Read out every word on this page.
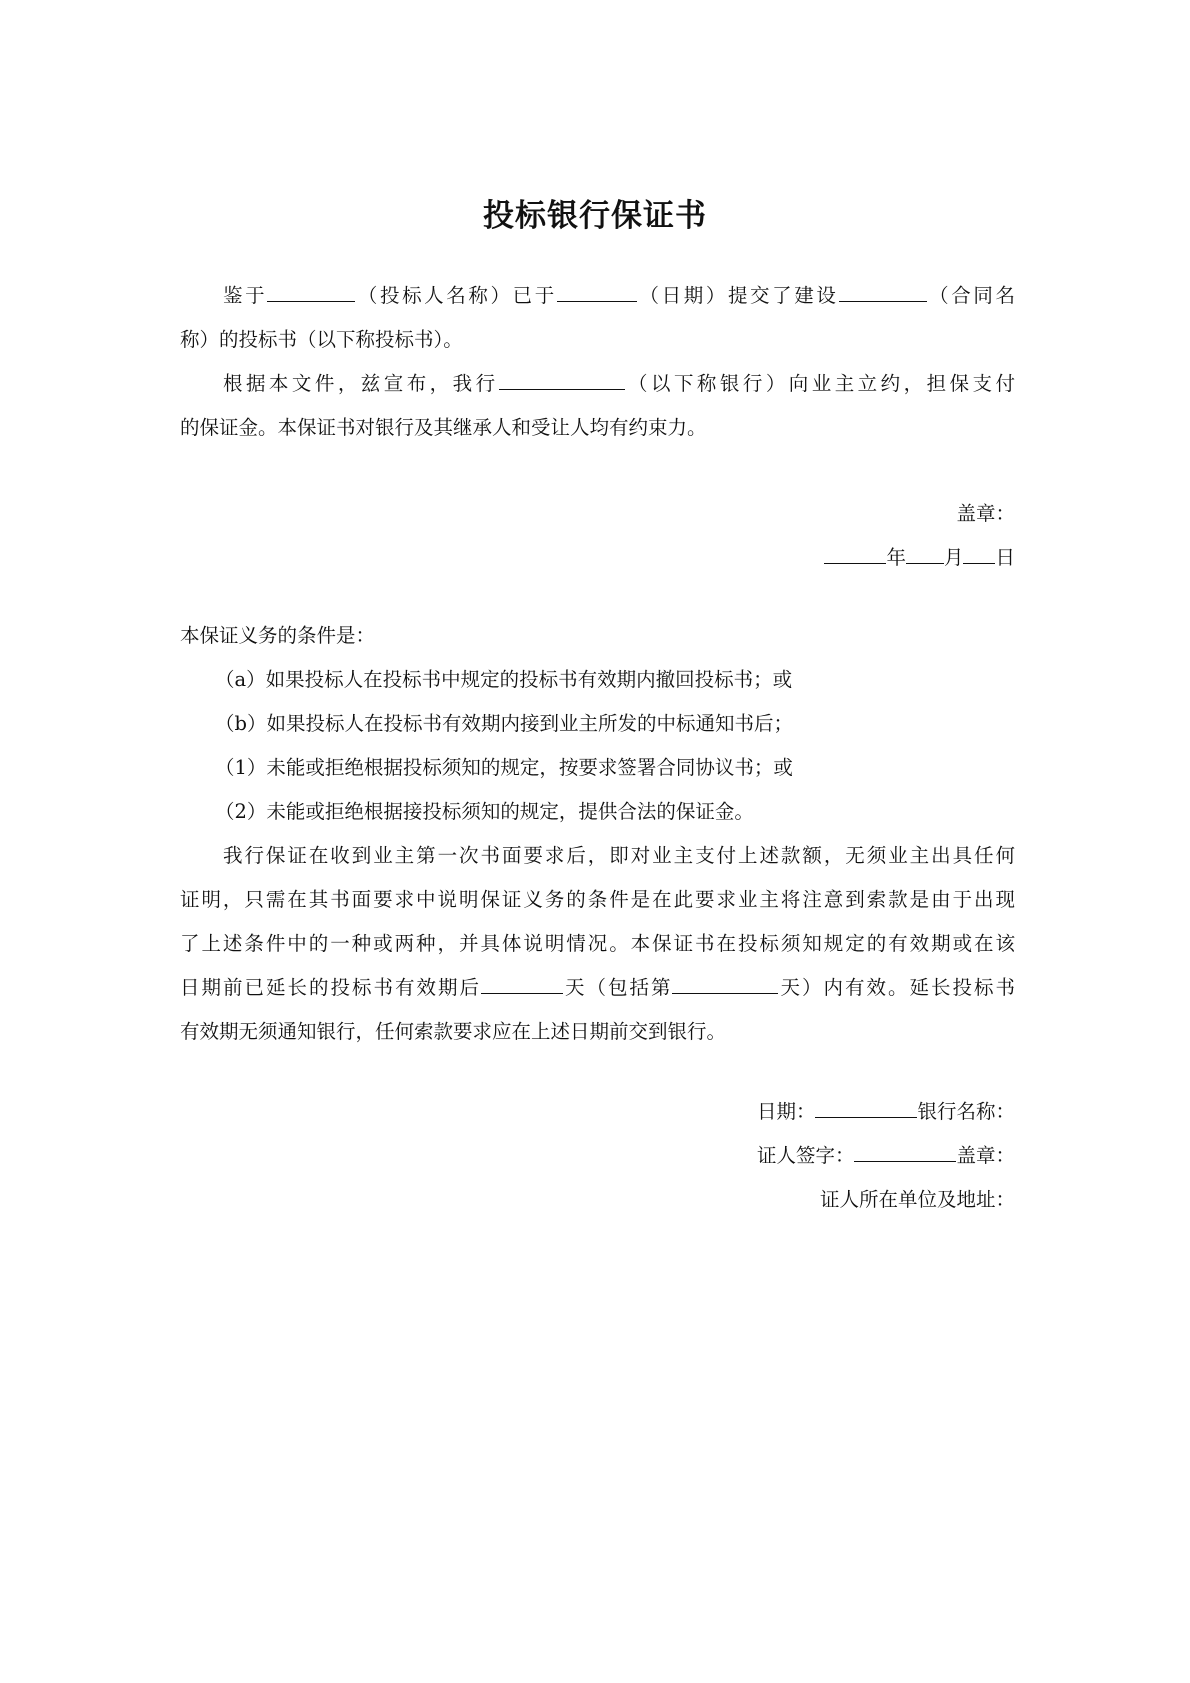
投标银行保证书
鉴于	（投标人名称）已于	（日期）提交了建设	（合同名
称）的投标书（以下称投标书）。
根据本文件，兹宣布，我行	（以下称银行）向业主立约，担保支付
的保证金。本保证书对银行及其继承人和受让人均有约束力。
盖章：
年 月 日
本保证义务的条件是：
（a）如果投标人在投标书中规定的投标书有效期内撤回投标书；或
（b）如果投标人在投标书有效期内接到业主所发的中标通知书后；
（1）未能或拒绝根据投标须知的规定，按要求签署合同协议书；或
（2）未能或拒绝根据接投标须知的规定，提供合法的保证金。
我行保证在收到业主第一次书面要求后，即对业主支付上述款额，无须业主出具任何
证明，只需在其书面要求中说明保证义务的条件是在此要求业主将注意到索款是由于出现
了上述条件中的一种或两种，并具体说明情况。本保证书在投标须知规定的有效期或在该
日期前已延长的投标书有效期后	天（包括第	天）内有效。延长投标书
有效期无须通知银行，任何索款要求应在上述日期前交到银行。
日期：	银行名称：
证人签字：	盖章：
证人所在单位及地址：
